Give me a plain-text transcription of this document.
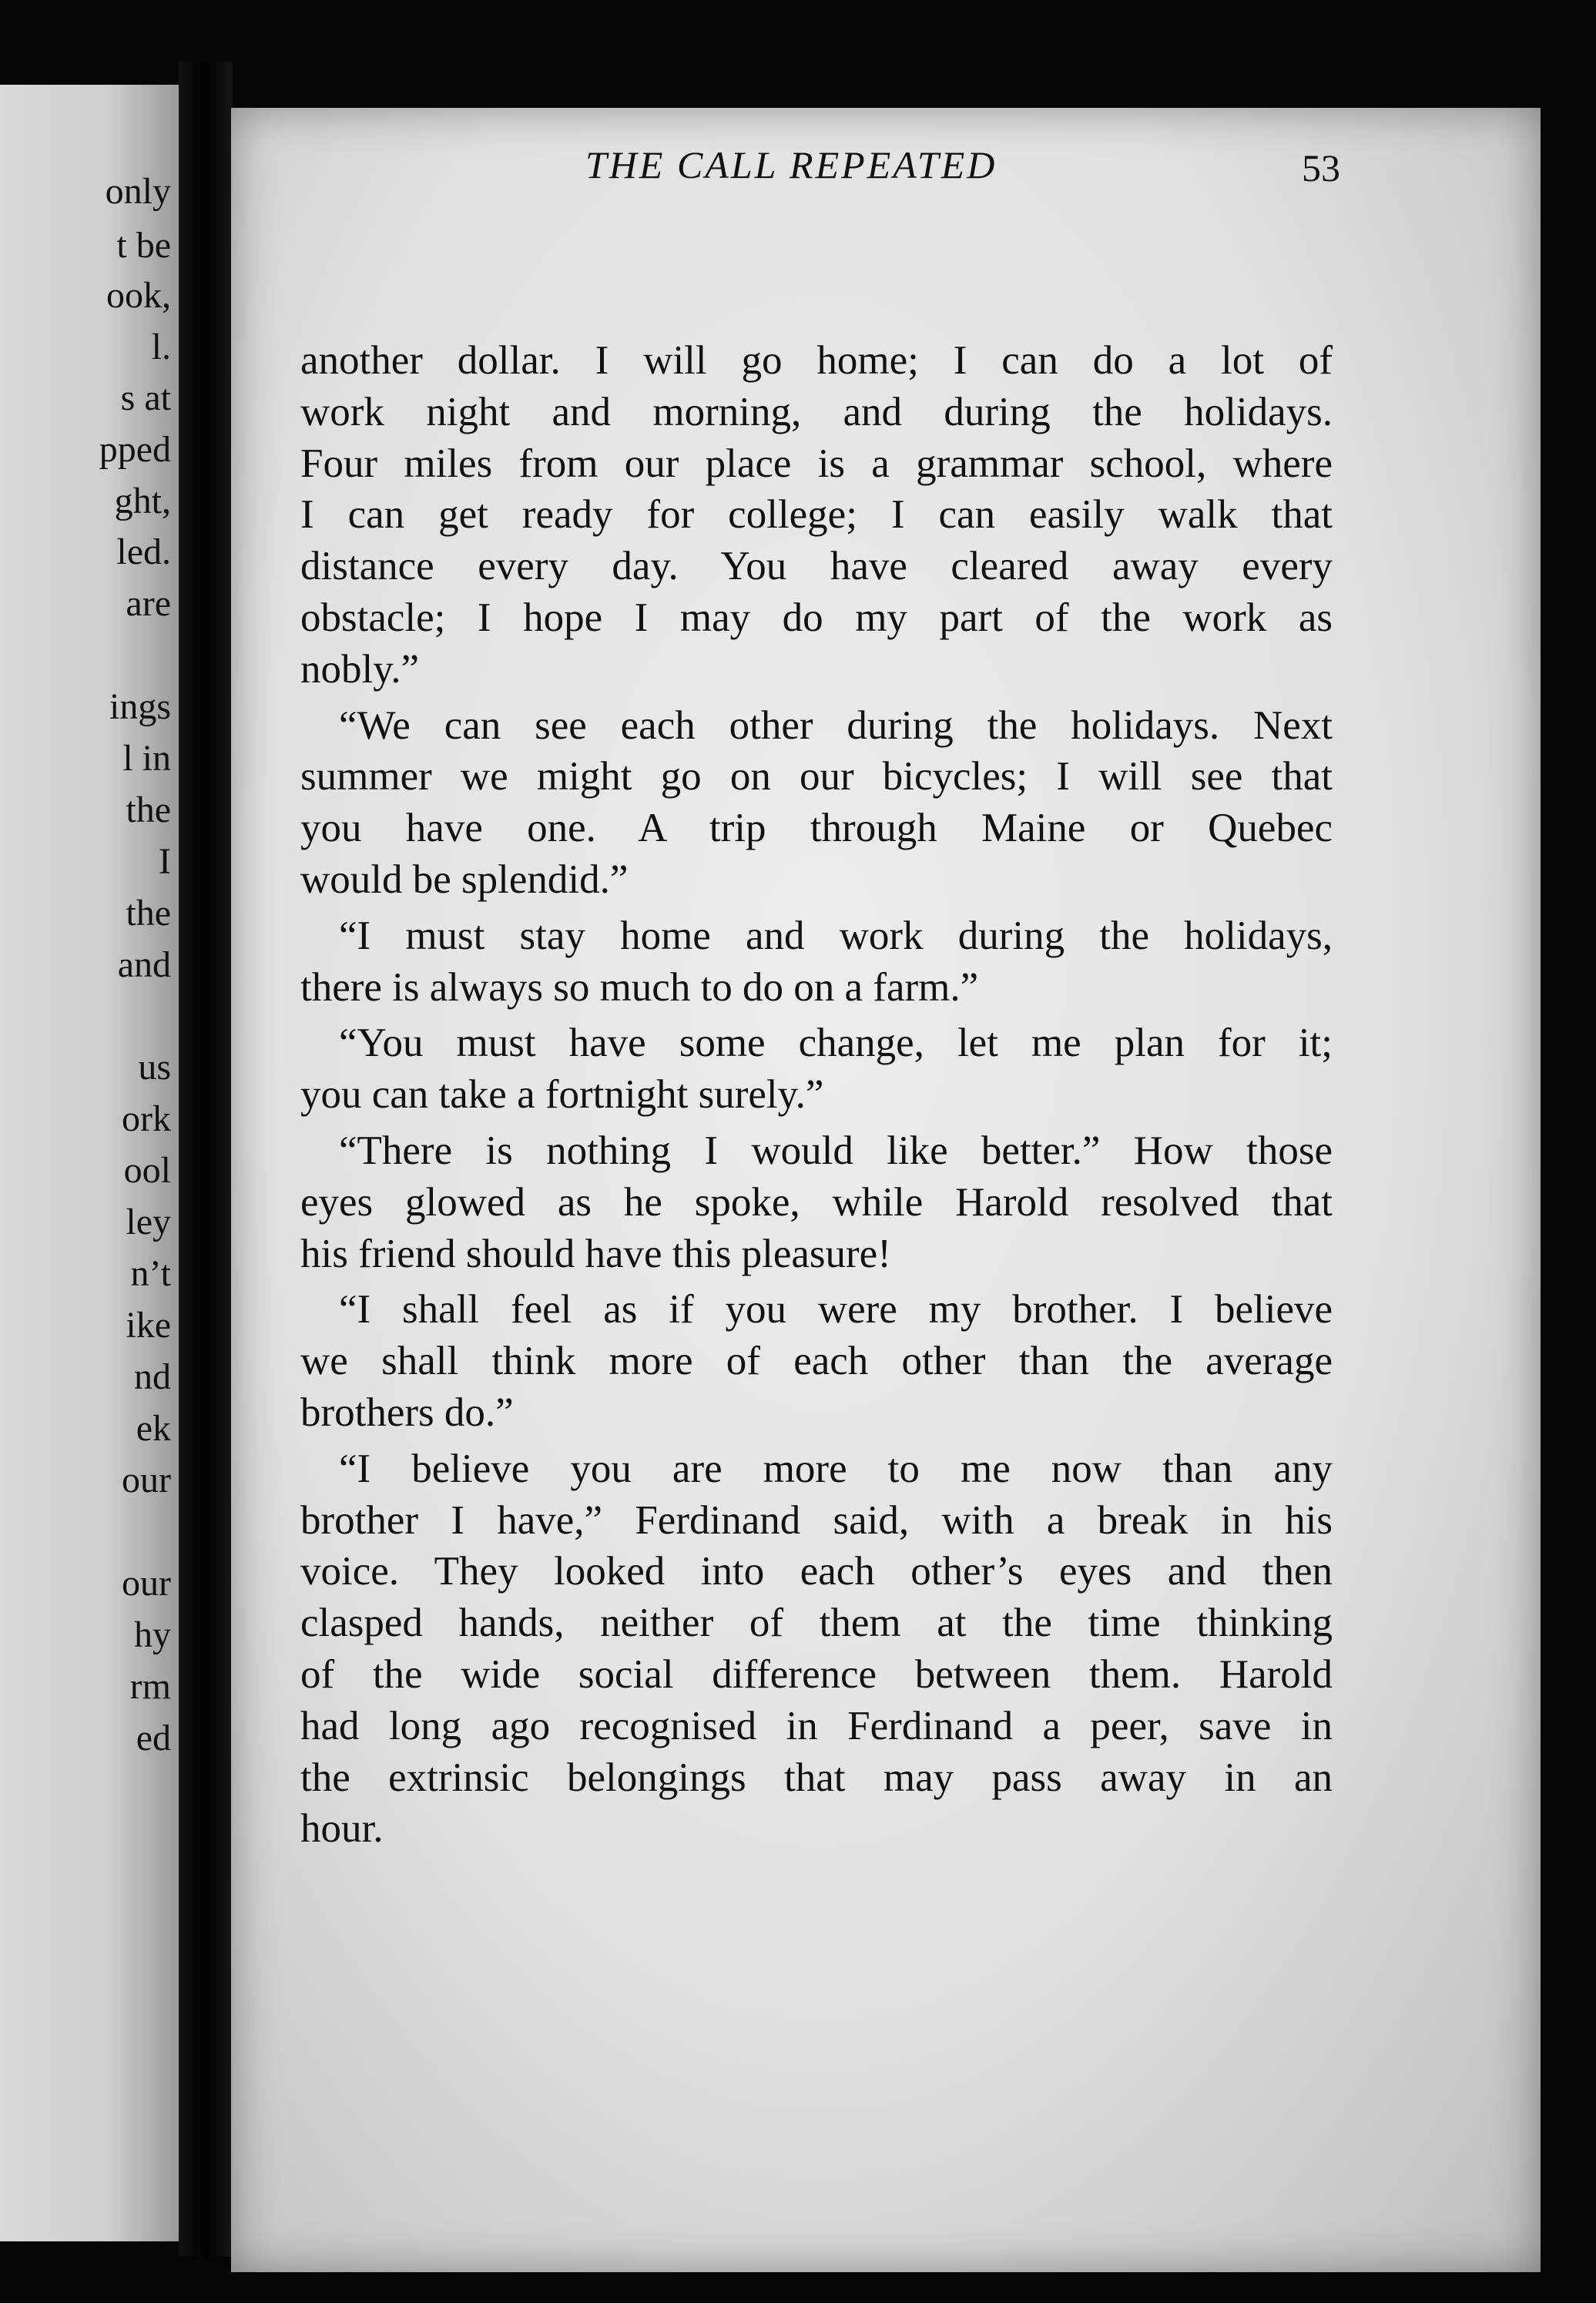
only
t be
ook,
l.
s at
pped
ght,
led.
are
ings
l in
the
I
the
and
us
ork
ool
ley
n’t
ike
nd
ek
our
our
hy
rm
ed
THE CALL REPEATED	53

another dollar. I will go home; I can do a lot of

work night and morning, and during the holidays.

Four miles from our place is a grammar school, where

I can get ready for college; I can easily walk that

distance every day. You have cleared away every

obstacle; I hope I may do my part of the work as

nobly.”

“We can see each other during the holidays. Next

summer we might go on our bicycles; I will see that

you have one. A trip through Maine or Quebec

would be splendid.”

“I must stay home and work during the holidays,

there is always so much to do on a farm.”

“You must have some change, let me plan for it;

you can take a fortnight surely.”

“There is nothing I would like better.” How those

eyes glowed as he spoke, while Harold resolved that

his friend should have this pleasure!

“I shall feel as if you were my brother. I believe

we shall think more of each other than the average

brothers do.”

“I believe you are more to me now than any

brother I have,” Ferdinand said, with a break in his

voice. They looked into each other’s eyes and then

clasped hands, neither of them at the time thinking

of the wide social difference between them. Harold

had long ago recognised in Ferdinand a peer, save in

the extrinsic belongings that may pass away in an

hour.
